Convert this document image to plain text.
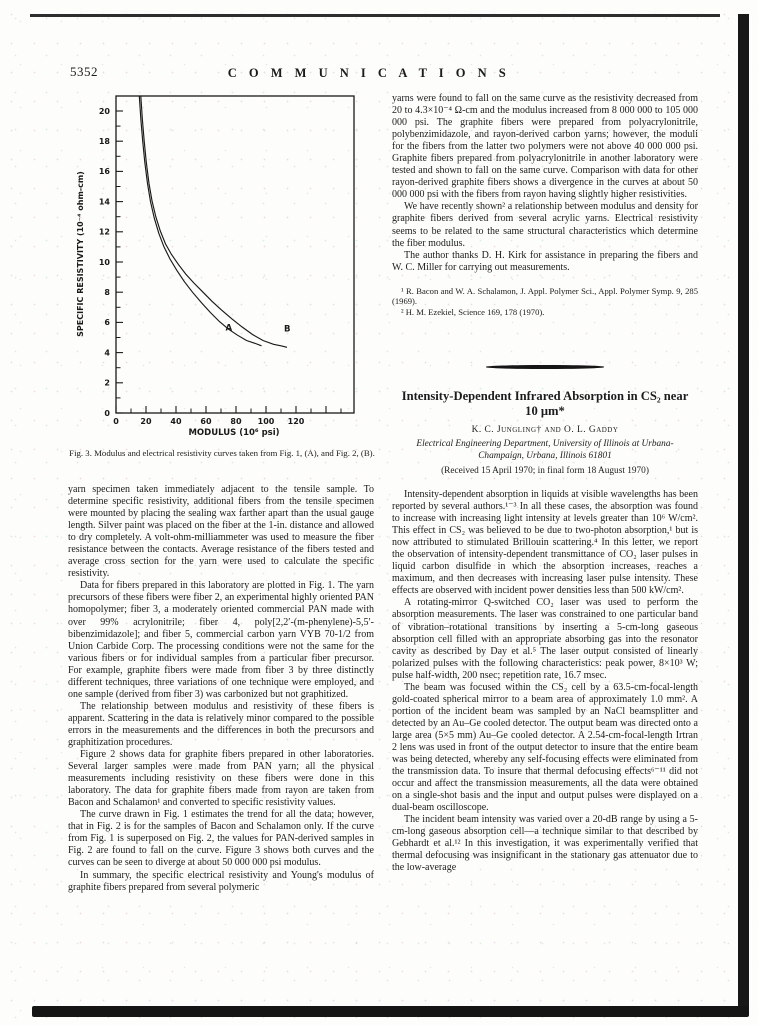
5352	C O M M U N I C A T I O N S
0
2
4
6
8
10
12
14
16
18
20
0	20 40 60 80 100 120
A	B
MODULUS (10⁶ psi)
SPECIFIC RESISTIVITY (10⁻⁴ ohm-cm)
Fig. 3. Modulus and electrical resistivity curves taken from Fig. 1, (A), and Fig. 2, (B).

yarn specimen taken immediately adjacent to the tensile sample. To determine specific resistivity, additional fibers from the tensile specimen were mounted by placing the sealing wax farther apart than the usual gauge length. Silver paint was placed on the fiber at the 1-in. distance and allowed to dry completely. A volt-ohm-milliammeter was used to measure the fiber resistance between the contacts. Average resistance of the fibers tested and average cross section for the yarn were used to calculate the specific resistivity.

Data for fibers prepared in this laboratory are plotted in Fig. 1. The yarn precursors of these fibers were fiber 2, an experimental highly oriented PAN homopolymer; fiber 3, a moderately oriented commercial PAN made with over 99% acrylonitrile; fiber 4, poly[2,2′-(m-phenylene)-5,5′-bibenzimidazole]; and fiber 5, commercial carbon yarn VYB 70-1/2 from Union Carbide Corp. The processing conditions were not the same for the various fibers or for individual samples from a particular fiber precursor. For example, graphite fibers were made from fiber 3 by three distinctly different techniques, three variations of one technique were employed, and one sample (derived from fiber 3) was carbonized but not graphitized.

The relationship between modulus and resistivity of these fibers is apparent. Scattering in the data is relatively minor compared to the possible errors in the measurements and the differences in both the precursors and graphitization procedures.

Figure 2 shows data for graphite fibers prepared in other laboratories. Several larger samples were made from PAN yarn; all the physical measurements including resistivity on these fibers were done in this laboratory. The data for graphite fibers made from rayon are taken from Bacon and Schalamon¹ and converted to specific resistivity values.

The curve drawn in Fig. 1 estimates the trend for all the data; however, that in Fig. 2 is for the samples of Bacon and Schalamon only. If the curve from Fig. 1 is superposed on Fig. 2, the values for PAN-derived samples in Fig. 2 are found to fall on the curve. Figure 3 shows both curves and the curves can be seen to diverge at about 50 000 000 psi modulus.

In summary, the specific electrical resistivity and Young's modulus of graphite fibers prepared from several polymeric

yarns were found to fall on the same curve as the resistivity decreased from 20 to 4.3×10⁻⁴ Ω-cm and the modulus increased from 8 000 000 to 105 000 000 psi. The graphite fibers were prepared from polyacrylonitrile, polybenzimidazole, and rayon-derived carbon yarns; however, the moduli for the fibers from the latter two polymers were not above 40 000 000 psi. Graphite fibers prepared from polyacrylonitrile in another laboratory were tested and shown to fall on the same curve. Comparison with data for other rayon-derived graphite fibers shows a divergence in the curves at about 50 000 000 psi with the fibers from rayon having slightly higher resistivities.

We have recently shown² a relationship between modulus and density for graphite fibers derived from several acrylic yarns. Electrical resistivity seems to be related to the same structural characteristics which determine the fiber modulus.

The author thanks D. H. Kirk for assistance in preparing the fibers and W. C. Miller for carrying out measurements.

¹ R. Bacon and W. A. Schalamon, J. Appl. Polymer Sci., Appl. Polymer Symp. 9, 285 (1969).

² H. M. Ezekiel, Science 169, 178 (1970).

Intensity-Dependent Infrared Absorption in CS₂ near 10 μm*
K. C. Jungling† and O. L. Gaddy
Electrical Engineering Department, University of Illinois at Urbana-Champaign, Urbana, Illinois 61801
(Received 15 April 1970; in final form 18 August 1970)

Intensity-dependent absorption in liquids at visible wavelengths has been reported by several authors.¹⁻³ In all these cases, the absorption was found to increase with increasing light intensity at levels greater than 10⁶ W/cm². This effect in CS₂ was believed to be due to two-photon absorption,¹ but is now attributed to stimulated Brillouin scattering.⁴ In this letter, we report the observation of intensity-dependent transmittance of CO₂ laser pulses in liquid carbon disulfide in which the absorption increases, reaches a maximum, and then decreases with increasing laser pulse intensity. These effects are observed with incident power densities less than 500 kW/cm².

A rotating-mirror Q-switched CO₂ laser was used to perform the absorption measurements. The laser was constrained to one particular band of vibration–rotational transitions by inserting a 5-cm-long gaseous absorption cell filled with an appropriate absorbing gas into the resonator cavity as described by Day et al.⁵ The laser output consisted of linearly polarized pulses with the following characteristics: peak power, 8×10³ W; pulse half-width, 200 nsec; repetition rate, 16.7 msec.

The beam was focused within the CS₂ cell by a 63.5-cm-focal-length gold-coated spherical mirror to a beam area of approximately 1.0 mm². A portion of the incident beam was sampled by an NaCl beamsplitter and detected by an Au–Ge cooled detector. The output beam was directed onto a large area (5×5 mm) Au–Ge cooled detector. A 2.54-cm-focal-length Irtran 2 lens was used in front of the output detector to insure that the entire beam was being detected, whereby any self-focusing effects were eliminated from the transmission data. To insure that thermal defocusing effects⁶⁻¹¹ did not occur and affect the transmission measurements, all the data were obtained on a single-shot basis and the input and output pulses were displayed on a dual-beam oscilloscope.

The incident beam intensity was varied over a 20-dB range by using a 5-cm-long gaseous absorption cell—a technique similar to that described by Gebhardt et al.¹² In this investigation, it was experimentally verified that thermal defocusing was insignificant in the stationary gas attenuator due to the low-average
